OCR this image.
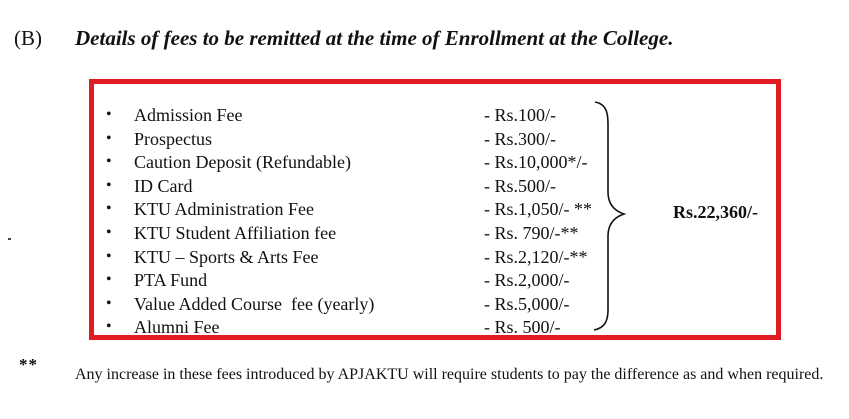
(B) Details of fees to be remitted at the time of Enrollment at the College.
• Admission Fee	- Rs.100/-
• Prospectus	- Rs.300/-
• Caution Deposit (Refundable)	- Rs.10,000*/-
• ID Card	- Rs.500/-
• KTU Administration Fee	- Rs.1,050/- **
• KTU Student Affiliation fee	- Rs. 790/-**
• KTU – Sports & Arts Fee	- Rs.2,120/-**
• PTA Fund	- Rs.2,000/-
• Value Added Course  fee (yearly)	- Rs.5,000/-
• Alumni Fee	- Rs. 500/-
Rs.22,360/-
**
Any increase in these fees introduced by APJAKTU will require students to pay the difference as and when required.
